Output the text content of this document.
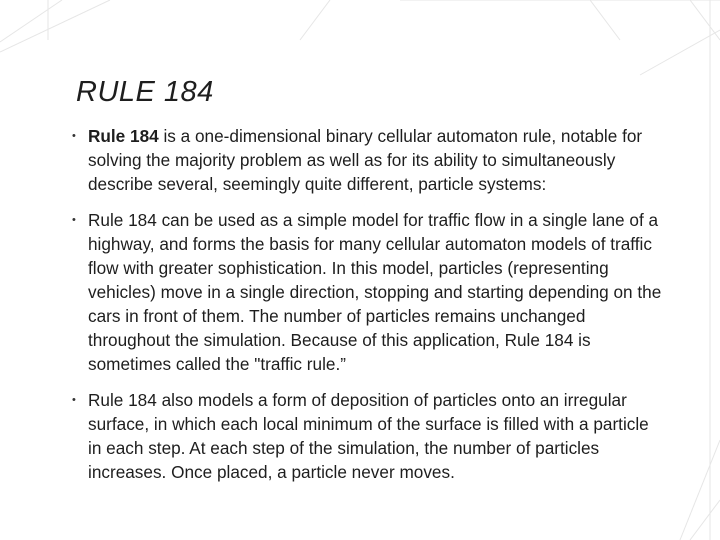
RULE 184
• Rule 184 is a one-dimensional binary cellular automaton rule, notable for solving the majority problem as well as for its ability to simultaneously describe several, seemingly quite different, particle systems:
• Rule 184 can be used as a simple model for traffic flow in a single lane of a highway, and forms the basis for many cellular automaton models of traffic flow with greater sophistication. In this model, particles (representing vehicles) move in a single direction, stopping and starting depending on the cars in front of them. The number of particles remains unchanged throughout the simulation. Because of this application, Rule 184 is sometimes called the "traffic rule.”
• Rule 184 also models a form of deposition of particles onto an irregular surface, in which each local minimum of the surface is filled with a particle in each step. At each step of the simulation, the number of particles increases. Once placed, a particle never moves.
